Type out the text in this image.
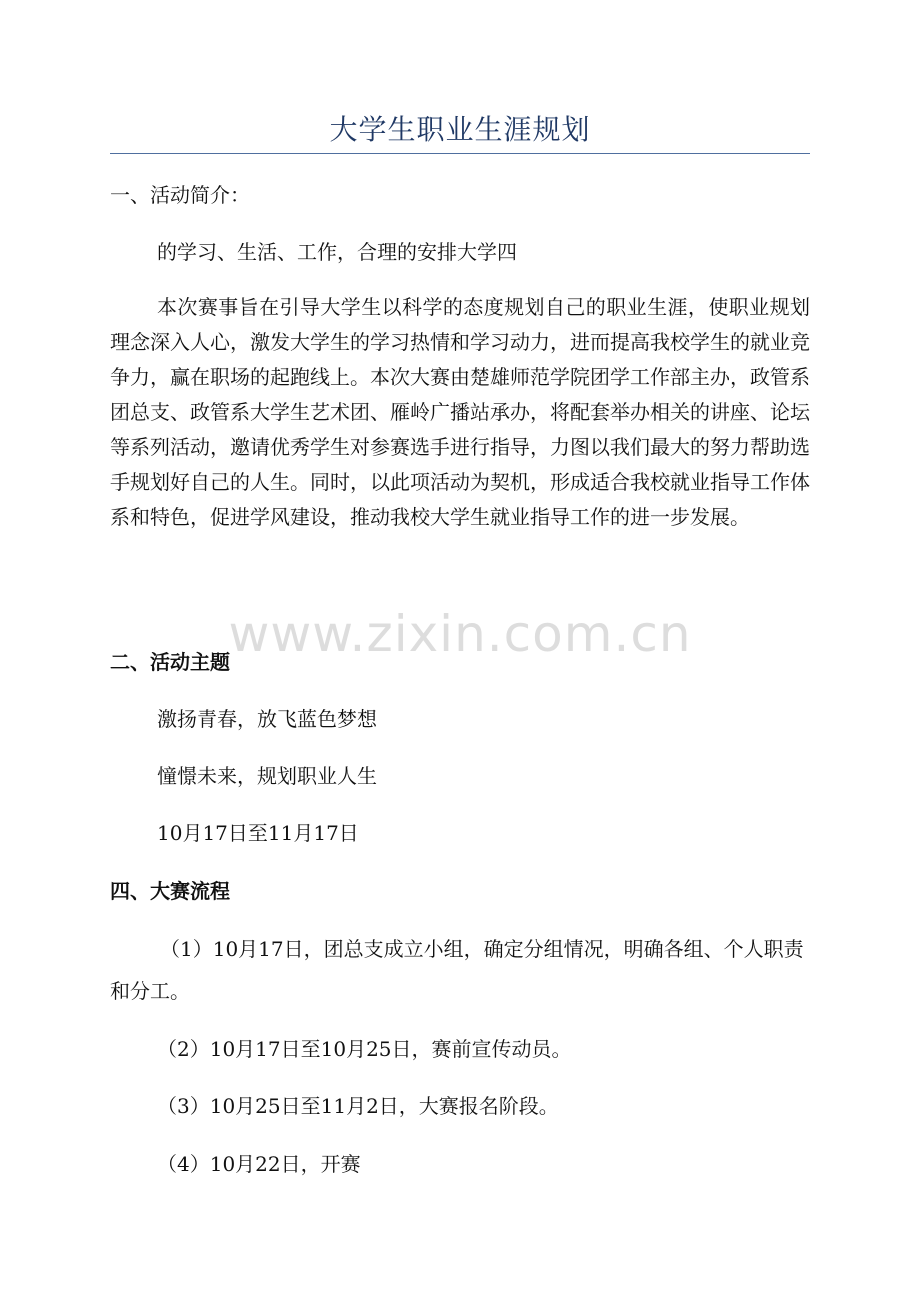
大学生职业生涯规划
一、活动简介：
的学习、生活、工作，合理的安排大学四
本次赛事旨在引导大学生以科学的态度规划自己的职业生涯，使职业规划理念深入人心，激发大学生的学习热情和学习动力，进而提高我校学生的就业竞争力，赢在职场的起跑线上。本次大赛由楚雄师范学院团学工作部主办，政管系团总支、政管系大学生艺术团、雁岭广播站承办，将配套举办相关的讲座、论坛等系列活动，邀请优秀学生对参赛选手进行指导，力图以我们最大的努力帮助选手规划好自己的人生。同时，以此项活动为契机，形成适合我校就业指导工作体系和特色，促进学风建设，推动我校大学生就业指导工作的进一步发展。
www.zixin.com.cn
二、活动主题
激扬青春，放飞蓝色梦想
憧憬未来，规划职业人生
10月17日至11月17日
四、大赛流程
（1）10月17日，团总支成立小组，确定分组情况，明确各组、个人职责和分工。
（2）10月17日至10月25日，赛前宣传动员。
（3）10月25日至11月2日，大赛报名阶段。
（4）10月22日，开赛
